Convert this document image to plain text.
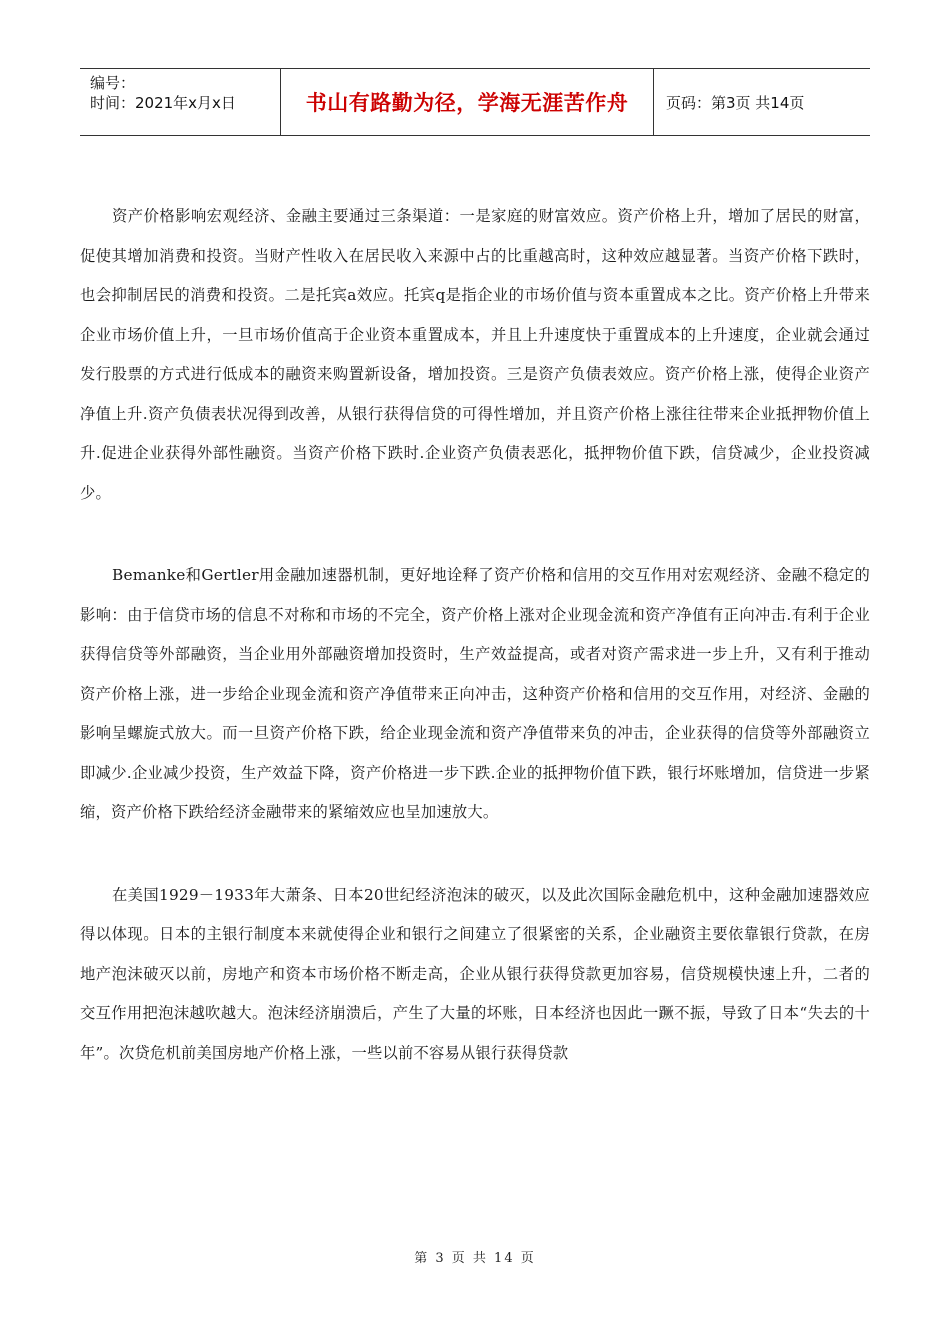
编号：
时间：2021年x月x日	书山有路勤为径，学海无涯苦作舟	页码：第3页 共14页

资产价格影响宏观经济、金融主要通过三条渠道：一是家庭的财富效应。资产价格上升，增加了居民的财富，促使其增加消费和投资。当财产性收入在居民收入来源中占的比重越高时，这种效应越显著。当资产价格下跌时，也会抑制居民的消费和投资。二是托宾a效应。托宾q是指企业的市场价值与资本重置成本之比。资产价格上升带来企业市场价值上升，一旦市场价值高于企业资本重置成本，并且上升速度快于重置成本的上升速度，企业就会通过发行股票的方式进行低成本的融资来购置新设备，增加投资。三是资产负债表效应。资产价格上涨，使得企业资产净值上升.资产负债表状况得到改善，从银行获得信贷的可得性增加，并且资产价格上涨往往带来企业抵押物价值上升.促进企业获得外部性融资。当资产价格下跌时.企业资产负债表恶化，抵押物价值下跌，信贷减少，企业投资减少。

Bemanke和Gertler用金融加速器机制，更好地诠释了资产价格和信用的交互作用对宏观经济、金融不稳定的影响：由于信贷市场的信息不对称和市场的不完全，资产价格上涨对企业现金流和资产净值有正向冲击.有利于企业获得信贷等外部融资，当企业用外部融资增加投资时，生产效益提高，或者对资产需求进一步上升，又有利于推动资产价格上涨，进一步给企业现金流和资产净值带来正向冲击，这种资产价格和信用的交互作用，对经济、金融的影响呈螺旋式放大。而一旦资产价格下跌，给企业现金流和资产净值带来负的冲击，企业获得的信贷等外部融资立即减少.企业减少投资，生产效益下降，资产价格进一步下跌.企业的抵押物价值下跌，银行坏账增加，信贷进一步紧缩，资产价格下跌给经济金融带来的紧缩效应也呈加速放大。

在美国1929－1933年大萧条、日本20世纪经济泡沫的破灭，以及此次国际金融危机中，这种金融加速器效应得以体现。日本的主银行制度本来就使得企业和银行之间建立了很紧密的关系，企业融资主要依靠银行贷款，在房地产泡沫破灭以前，房地产和资本市场价格不断走高，企业从银行获得贷款更加容易，信贷规模快速上升，二者的交互作用把泡沫越吹越大。泡沫经济崩溃后，产生了大量的坏账，日本经济也因此一蹶不振，导致了日本“失去的十年”。次贷危机前美国房地产价格上涨，一些以前不容易从银行获得贷款

第 3 页 共 14 页
